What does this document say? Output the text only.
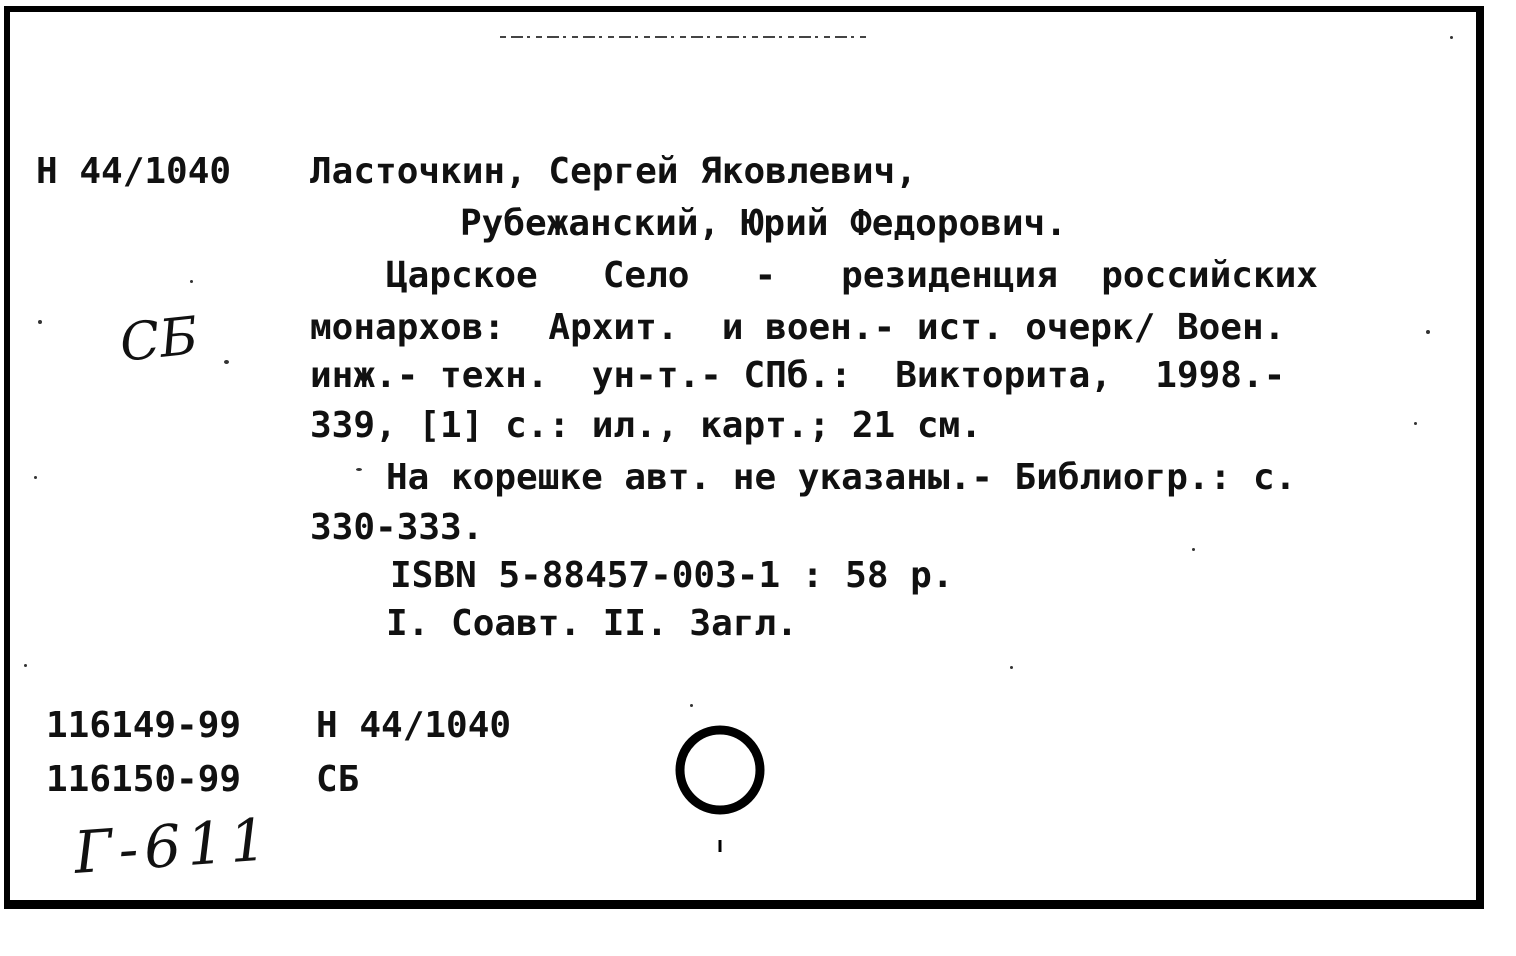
Н 44/1040 Ласточкин, Сергей Яковлевич,
Рубежанский, Юрий Федорович.
Царское   Село   -   резиденция  российских
монархов:  Архит.  и воен.- ист. очерк/ Воен.
инж.- техн.  ун-т.- СПб.:  Викторита,  1998.-
339, [1] с.: ил., карт.; 21 см.
На корешке авт. не указаны.- Библиогр.: с.
330-333.
ISBN 5-88457-003-1 : 58 р.
I. Соавт. II. Загл.
116149-99 Н 44/1040
116150-99 СБ
СБ
Г-611
